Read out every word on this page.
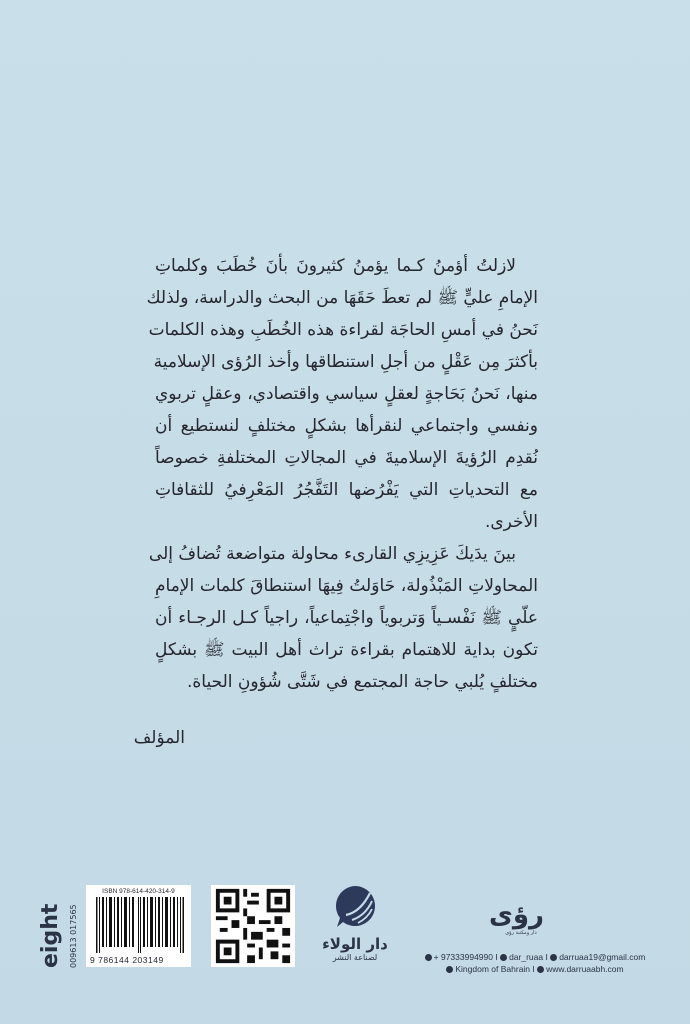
لازلتُ أؤمنُ كـما يؤمنُ كثيرونَ بأنَ خُطَبَ وكلماتِ
الإمامِ عليٍّ ﷺ لم تعطَ حَقَهَا من البحث والدراسة، ولذلك
نَحنُ في أمسِ الحاجَة لقراءة هذه الخُطَبِ وهذه الكلمات
بأكثرَ مِن عَقْلٍ من أجلِ استنطاقها وأخذ الرُؤى الإسلامية
منها، نَحنُ بَحَاجةٍ لعقلٍ سياسي واقتصادي، وعقلٍ تربوي
ونفسي واجتماعي لنقرأها بشكلٍ مختلفٍ لنستطيع أن
نُقدِم الرُؤيةَ الإسلاميةَ في المجالاتِ المختلفةِ خصوصاً
مع التحدياتِ التي يَفْرُضها التَفَّجُرُ المَعْرِفيُ للثقافاتِ
الأخرى.
بينَ يدَيكَ عَزِيزِي القارىء محاولة متواضعة تُضافُ إلى
المحاولاتِ المَبْذُولة، حَاوَلتُ فِيهَا استنطاقَ كلمات الإمامِ
علّيٍ ﷺ نَفْسـياً وَتربوياً واجْتِماعياً، راجياً كـل الرجـاء أن
تكون بداية للاهتمام بقراءة تراث أهل البيت ﷺ بشكلٍ
مختلفٍ يُلبي حاجة المجتمع في شَتَّى شُؤونِ الحياة.
المؤلف
eight 009613 017565
ISBN 978-614-420-314-9
9 786144 203149
دار الولاء
لصناعة النشر
رؤى
دار ومكتبة رؤى
+ 97333994990 I dar_ruaa I darruaa19@gmail.com
Kingdom of Bahrain I www.darruaabh.com
